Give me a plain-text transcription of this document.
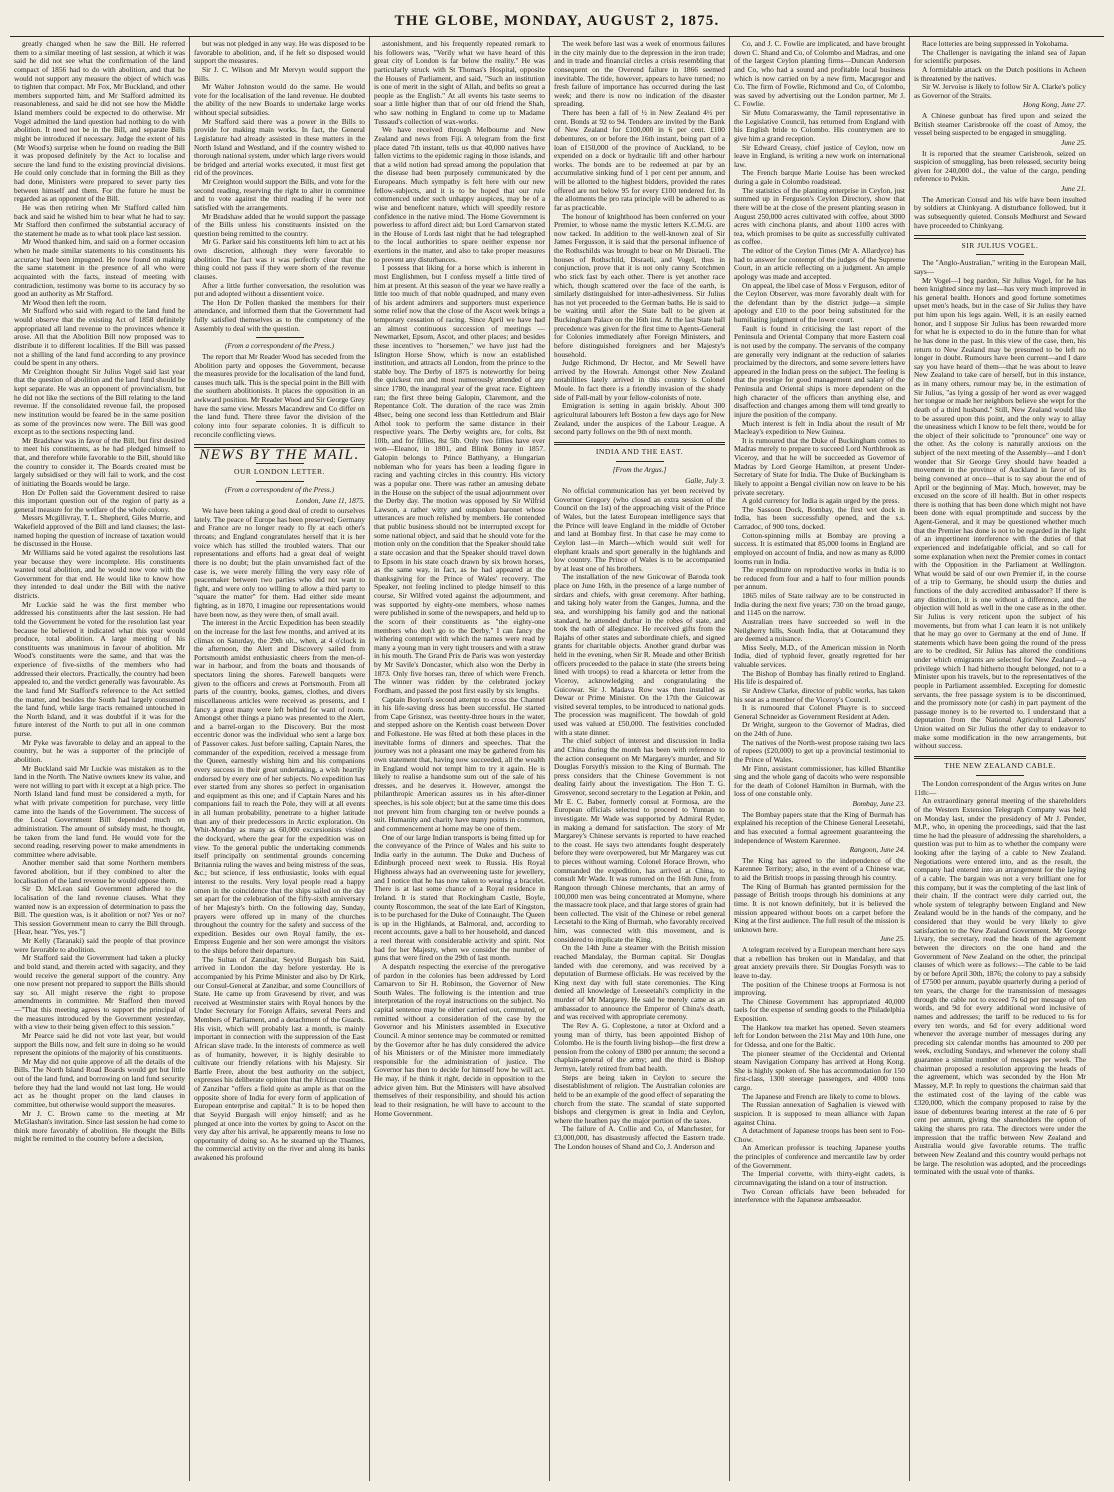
THE GLOBE, MONDAY, AUGUST 2, 1875.

greatly changed when he saw the Bill. He referred them to a similar meeting of last session, at which it was said he did not see what the confirmation of the land compact of 1856 had to do with abolition, and that he would not support any measure the object of which was to tighten that compact. Mr Fox, Mr Buckland, and other members supported him, and Mr Stafford admitted its reasonableness, and said he did not see how the Middle Island members could be expected to do otherwise. Mr Vogel admitted the land question had nothing to do with abolition. It need not be in the Bill, and separate Bills might be introduced if necessary. Judge the extent of his (Mr Wood's) surprise when he found on reading the Bill it was proposed definitely by the Act to localise and secure the land fund to the existing provincial divisions. He could only conclude that in forming the Bill as they had done, Ministers were prepared to sever party ties between himself and them. For the future he must be regarded as an opponent of the Bill.

He was then retiring when Mr Stafford called him back and said he wished him to hear what he had to say. Mr Stafford then confirmed the substantial accuracy of the statement he made as to what took place last session.

Mr Wood thanked him, and said on a former occasion when he made similar statements to his constituents his accuracy had been impugned. He now found on making the same statement in the presence of all who were acquainted with the facts, instead of meeting with contradiction, testimony was borne to its accuracy by so good an authority as Mr Stafford.

Mr Wood then left the room.

Mr Stafford who said with regard to the land fund he would observe that the existing Act of 1858 definitely appropriated all land revenue to the provinces whence it arose. All that the Abolition Bill now proposed was to distribute it to different localities. If the Bill was passed not a shilling of the land fund according to any province could be spent in any others.

Mr Creighton thought Sir Julius Vogel said last year that the question of abolition and the land fund should be kept separate. He was an opponent of provincialism, but he did not like the sections of the Bill relating to the land revenue. If the consolidated revenue fail, the proposed new institution would be feared be in the same position as some of the provinces now were. The Bill was good except as to the sections respecting land.

Mr Bradshaw was in favor of the Bill, but first desired to meet his constituents, as he had pledged himself to that, and therefore while favorable to the Bill, should like the country to consider it. The Boards created must be largely subsidised or they will fail to work, and the cost of initiating the Boards would be large.

Hon Dr Pollen said the Government desired to raise this important question out of the region of party as a general measure for the welfare of the whole colony.

Messrs Mcgillivray, T. L. Shepherd, Giles Murrie, and Wakefield approved of the Bill and land clauses; the last-named hoping the question of increase of taxation would be discussed in the House.

Mr Williams said he voted against the resolutions last year because they were incomplete. His constituents wanted total abolition, and he would now vote with the Government for that end. He would like to know how they intended to deal under the Bill with the native districts.

Mr Luckie said he was the first member who addressed his constituents after the last session. He had told the Government he voted for the resolution last year because he believed it indicated what this year would produce, total abolition. A large meeting of his constituents was unanimous in favour of abolition. Mr Wood's constituents were the same, and that was the experience of five-sixths of the members who had addressed their electors. Practically, the country had been appealed to, and the verdict generally was favourable. As the land fund Mr Stafford's reference to the Act settled the matter, and besides the South had largely consumed the land fund, while large tracts remained untouched in the North Island, and it was doubtful if it was for the future interest of the North to put all in one common purse.

Mr Pyke was favorable to delay and an appeal to the country, but he was a supporter of the principle of abolition.

Mr Buckland said Mr Luckie was mistaken as to the land in the North. The Native owners knew its value, and were not willing to part with it except at a high price. The North Island land fund must be considered a myth, for what with private competition for purchase, very little came into the hands of the Government. The success of the Local Government Bill depended much on administration. The amount of subsidy must, he thought, be taken from the land fund. He would vote for the second reading, reserving power to make amendments in committee where advisable.

Another member said that some Northern members favored abolition, but if they combined to alter the localisation of the land revenue he would oppose them.

Sir D. McLean said Government adhered to the localisation of the land revenue clauses. What they wanted now is an expression of determination to pass the Bill. The question was, is it abolition or not? Yes or no? This session Government mean to carry the Bill through. [Hear, hear. "Yes, yes."]

Mr Kelly (Taranaki) said the people of that province were favorable to abolition.

Mr Stafford said the Government had taken a plucky and bold stand, and therein acted with sagacity, and they would receive the general support of the country. Any one now present not prepared to support the Bills should say so. All might reserve the right to propose amendments in committee. Mr Stafford then moved—"That this meeting agrees to support the principal of the measures introduced by the Government yesterday, with a view to their being given effect to this session."

Mr Pearce said he did not vote last year, but would support the Bills now, and felt sure in doing so he would represent the opinions of the majority of his constituents.

Mr May did not quite approve of all the details of the Bills. The North Island Road Boards would get but little out of the land fund, and borrowing on land fund security before they had the land would not last long. He would act as he thought proper on the land clauses in committee, but otherwise would support the measures.

Mr J. C. Brown came to the meeting at Mr McGlashan's invitation. Since last session he had come to think more favorably of abolition. He thought the Bills might be remitted to the country before a decision,

but was not pledged in any way. He was disposed to be favorable to abolition, and, if he felt so disposed would support the measures.

Sir J. C. Wilson and Mr Mervyn would support the Bills.

Mr Walter Johnston would do the same. He would vote for the localisation of the land revenue. He doubted the ability of the new Boards to undertake large works without special subsidies.

Mr Stafford said there was a power in the Bills to provide for making main works. In fact, the General Legislature had already assisted in these matters in the North Island and Westland, and if the country wished to thorough national system, under which large rivers would be bridged and arterial works executed, it must first get rid of the provinces.

Mr Creighton would support the Bills, and vote for the second reading, reserving the right to alter in committee and to vote against the third reading if he were not satisfied with the arrangements.

Mr Bradshaw added that he would support the passage of the Bills unless his constituents insisted on the question being remitted to the country.

Mr G. Parker said his constituents left him to act at his own discretion, although they were favorable to abolition. The fact was it was perfectly clear that the thing could not pass if they were shorn of the revenue clauses.

After a little further conversation, the resolution was put and adopted without a dissentient voice.

The Hon Dr Pollen thanked the members for their attendance, and informed them that the Government had fully satisfied themselves as to the competency of the Assembly to deal with the question.

(From a correspondent of the Press.)

The report that Mr Reader Wood has seceded from the Abolition party and opposes the Government, because the measures provide for the localisation of the land fund, causes much talk. This is the special point in the Bill with the southern abolitionists. It places the opposition in an awkward position. Mr Reader Wood and Sir George Grey have the same view. Messrs Macandrew and Co differ on the land fund. There three favor the division of the colony into four separate colonies. It is difficult to reconcile conflicting views.

NEWS BY THE MAIL.
OUR LONDON LETTER.
(From a correspondent of the Press.)
London, June 11, 1875.

We have been taking a good deal of credit to ourselves lately. The peace of Europe has been preserved; Germany and France are no longer ready to fly at each other's throats; and England congratulates herself that it is her voice which has stilled the troubled waters. That our representations and efforts had a great deal of weight there is no doubt; but the plain unvarnished fact of the case is, we were merely filling the very easy rôle of peacemaker between two parties who did not want to fight, and were only too willing to allow a third party to "square the matter" for them. Had either side meant fighting, as in 1870, I imagine our representations would have been now, as they were then, of small avail.

The interest in the Arctic Expedition has been steadily on the increase for the last few months, and arrived at its climax on Saturday, the 29th ult., when, at 4 o'clock in the afternoon, the Alert and Discovery sailed from Portsmouth amidst enthusiastic cheers from the men-of-war in harbour, and from the boats and thousands of spectators lining the shores. Farewell banquets were given to the officers and crews at Portsmouth. From all parts of the country, books, games, clothes, and divers miscellaneous articles were received as presents, and I fancy a great many were left behind for want of room. Amongst other things a piano was presented to the Alert, and a barrel-organ to the Discovery. But the most eccentric donor was the individual who sent a large box of Passover cakes. Just before sailing, Captain Nares, the commander of the expedition, received a message from the Queen, earnestly wishing him and his companions every success in their great undertaking, a wish heartily endorsed by every one of her subjects. No expedition has ever started from any shores so perfect in organisation and equipment as this one; and if Captain Nares and his companions fail to reach the Pole, they will at all events in all human probability, penetrate to a higher latitude than any of their predecessors in Arctic exploration. On Whit-Monday as many as 60,000 excursionists visited the dockyard, where the gear for the expedition was on view. To the general public the undertaking commends itself principally on sentimental grounds concerning Britannia ruling the waves and being mistress of the seas, &c.; but science, if less enthusiastic, looks with equal interest to the results. Very loyal people read a happy omen in the coincidence that the ships sailed on the day set apart for the celebration of the fifty-sixth anniversary of her Majesty's birth. On the following day, Sunday, prayers were offered up in many of the churches throughout the country for the safety and success of the expedition. Besides our own Royal family, the ex-Empress Eugenie and her son were amongst the visitors to the ships before their departure.

The Sultan of Zanzibar, Seyyid Burgash bin Said, arrived in London the day before yesterday. He is accompanied by his Prime Minister and also by Dr Kirk, our Consul-General at Zanzibar, and some Councillors of State. He came up from Gravesend by river, and was received at Westminster stairs with Royal honors by the Under Secretary for Foreign Affairs, several Peers and Members of Parliament, and a detachment of the Guards. His visit, which will probably last a month, is mainly important in connection with the suppression of the East African slave trade. In the interests of commerce as well as of humanity, however, it is highly desirable to cultivate our friendly relations with his Majesty. Sir Bartle Frere, about the best authority on the subject, expresses his deliberate opinion that the African coastline of Zanzibar "offers a field quite as ample as that on the opposite shore of India for every form of application of European enterprise and capital." It is to be hoped then that Seyyid Burgash will enjoy himself; and as he plunged at once into the vortex by going to Ascot on the very day after his arrival, he apparently means to lose no opportunity of doing so. As he steamed up the Thames, the commercial activity on the river and along its banks awakened his profound

astonishment, and his frequently repeated remark to his followers was, "Verily what we have heard of this great city of London is far below the reality." He was particularly struck with St Thomas's Hospital, opposite the Houses of Parliament, and said, "Such an institution is one of merit in the sight of Allah, and befits so great a people as the English." At all events his taste seems to soar a little higher than that of our old friend the Shah, who saw nothing in England to come up to Madame Tussaud's collection of wax-works.

We have received through Melbourne and New Zealand and news from Fiji. A telegram from the first place dated 7th instant, tells us that 40,000 natives have fallen victims to the epidemic raging in those islands, and that a wild notion had spread among the population that the disease had been purposely communicated by the Europeans. Much sympathy is felt here with our new fellow-subjects, and it is to be hoped that our rule commenced under such unhappy auspices, may be of a wise and beneficent nature, which will speedily restore confidence in the native mind. The Home Government is powerless to afford direct aid; but Lord Carnarvon stated in the House of Lords last night that he had telegraphed to the local authorities to spare neither expense nor exertions in the matter, and also to take proper measures to prevent any disturbances.

I possess that liking for a horse which is inherent in most Englishmen, but I confess myself a little tired of him at present. At this season of the year we have really a little too much of that noble quadruped, and many even of his ardent admirers and supporters must experience some relief now that the close of the Ascot week brings a temporary cessation of racing. Since April we have had an almost continuous succession of meetings — Newmarket, Epsom, Ascot, and other places; and besides these incentives to "horsemen," we have just had the Islington Horse Show, which is now an established institution, and attracts all London, from the prince to the stable boy. The Derby of 1875 is noteworthy for being the quickest run and most numerously attended of any since 1780, the inaugural year of the great race. Eighteen ran; the first three being Galopin, Claremont, and the Repentance Colt. The duration of the race was 2min 48sec, being one second less than Kettledrum and Blair Athol took to perform the same distance in their respective years. The Derby weights are, for colts, 8st 10lb, and for fillies, 8st 5lb. Only two fillies have ever won—Eleanor, in 1801, and Blink Bonny in 1857. Galopin belongs to Prince Batthyany, a Hungarian nobleman who for years has been a leading figure in racing and yachting circles in this country. His victory was a popular one. There was rather an amusing debate in the House on the subject of the usual adjournment over the Derby day. The motion was opposed by Sir Wilfrid Lawson, a rather witty and outspoken baronet whose utterances are much relished by members. He contended that public business should not be interrupted except for some national object, and said that he should vote for the motion only on the condition that the Speaker should take a state occasion and that the Speaker should travel down to Epsom in his state coach drawn by six brown horses, as the same way, in fact, as he had appeared at the thanksgiving for the Prince of Wales' recovery. The Speaker, not feeling inclined to pledge himself to this course, Sir Wilfred voted against the adjournment, and was supported by eighty-one members, whose names were published in some of the newspapers, and held up to the scorn of their constituents as "the eighty-one members who don't go to the Derby." I can fancy the withering contempt with which the names were read by many a young man in very tight trousers and with a straw in his mouth. The Grand Prix de Paris was won yesterday by Mr Savile's Doncaster, which also won the Derby in 1873. Only five horses ran, three of which were French. The winner was ridden by the celebrated jockey Fordham, and passed the post first easily by six lengths.

Captain Boyton's second attempt to cross the Channel in his life-saving dress has been successful. He started from Cape Grisnez, was twenty-three hours in the water, and stepped ashore on the Kentish coast between Dover and Folkestone. He was fêted at both these places in the inevitable forms of dinners and speeches. That the journey was not a pleasant one may be gathered from his own statement that, having now succeeded, all the wealth in England would not tempt him to try it again. He is likely to realise a handsome sum out of the sale of his dresses, and he deserves it. However, amongst the philanthropic American assures us in his after-dinner speeches, is his sole object; but at the same time this does not prevent him from charging ten or twelve pounds a suit. Humanity and charity have many points in common, and commencement at home may be one of them.

One of our large Indian transports is being fitted up for the conveyance of the Prince of Wales and his suite to India early in the autumn. The Duke and Duchess of Edinburgh proceed next week to Russia. His Royal Highness always had an overweening taste for jewellery, and I notice that he has now taken to wearing a bracelet. There is at last some chance of a Royal residence in Ireland. It is stated that Rockingham Castle, Boyle, county Roscommon, the seat of the late Earl of Kingston, is to be purchased for the Duke of Connaught. The Queen is up in the Highlands, at Balmoral, and, according to recent accounts, gave a ball to her household, and danced a reel thereat with considerable activity and spirit. Not bad for her Majesty, when we consider the number of guns that were fired on the 29th of last month.

A despatch respecting the exercise of the prerogative of pardon in the colonies has been addressed by Lord Carnarvon to Sir H. Robinson, the Governor of New South Wales. The following is the intention and true interpretation of the royal instructions on the subject. No capital sentence may be either carried out, commuted, or remitted without a consideration of the case by the Governor and his Ministers assembled in Executive Council. A minor sentence may be commuted or remitted by the Governor after he has duly considered the advice of his Ministers or of the Minister more immediately responsible for the administration of justice. The Governor has then to decide for himself how he will act. He may, if he think it right, decide in opposition to the advice given him. But the Ministers will have absolved themselves of their responsibility, and should his action lead to their resignation, he will have to account to the Home Government.

The week before last was a week of enormous failures in the city mainly due to the depression in the iron trade; and in trade and financial circles a crisis resembling that consequent on the Overend failure in 1866 seemed inevitable. The tide, however, appears to have turned; no fresh failure of importance has occurred during the last week; and there is now no indication of the disaster spreading.

There has been a fall of ½ in New Zealand 4½ per cent. Bonds at 92 to 94. Tenders are invited by the Bank of New Zealand for £100,000 in 6 per cent. £100 debentures, on or before the 16th instant, being part of a loan of £150,000 of the province of Auckland, to be expended on a dock or hydraulic lift and other harbour works. The bonds are to be redeemed at par by an accumulative sinking fund of 1 per cent per annum, and will be allotted to the highest bidders, provided the rates offered are not below 95 for every £100 tendered for. In the allotments the pro rata principle will be adhered to as far as practicable.

The honour of knighthood has been conferred on your Premier, to whose name the mystic letters K.C.M.G. are now tacked. In addition to the well-known zeal of Sir James Fergusson, it is said that the personal influence of the Rothschilds was brought to bear on Mr Disraeli. The houses of Rothschild, Disraeli, and Vogel, thus in conjunction, prove that it is not only canny Scotchmen who stick fast by each other. There is yet another race which, though scattered over the face of the earth, is similarly distinguished for inter-adhesiveness. Sir Julius has not yet proceeded to the German baths. He is said to be waiting until after the State ball to be given at Buckingham Palace on the 16th inst. At the last State ball precedence was given for the first time to Agents-General for Colonies immediately after Foreign Ministers, and before distinguished foreigners and her Majesty's household.

Judge Richmond, Dr Hector, and Mr Sewell have arrived by the Howrah. Amongst other New Zealand notabilities lately arrived in this country is Colonel Moule. In fact there is a friendly invasion of the shady side of Pall-mall by your fellow-colonists of note.

Emigration is setting in again briskly. About 300 agricultural labourers left Boston a few days ago for New Zealand, under the auspices of the Labour League. A second party follows on the 9th of next month.

INDIA AND THE EAST.
[From the Argus.]
Galle, July 3.

No official communication has yet been received by Governor Gregory (who closed an extra session of the Council on the 1st) of the approaching visit of the Prince of Wales, but the latest European intelligence says that the Prince will leave England in the middle of October and land at Bombay first. In that case he may come to Ceylon last—in March—which would suit well for elephant kraals and sport generally in the highlands and low country. The Prince of Wales is to be accompanied by at least one of his brothers.

The installation of the new Guicowar of Baroda took place on June 16th, in the presence of a large number of sirdars and chiefs, with great ceremony. After bathing, and taking holy water from the Ganges, Jumna, and the sea, and worshipping his family god and the national standard, he attended durbar in the robes of state, and took the oath of allegiance. He received gifts from the Rajahs of other states and subordinate chiefs, and signed grants for charitable objects. Another grand durbar was held in the evening, when Sir R. Meade and other British officers proceeded to the palace in state (the streets being lined with troops) to read a kharceta or letter from the Viceroy, acknowledging and congratulating the Guicowar. Sir J. Madava Row was then installed as Dewar or Prime Minister. On the 17th the Guicowar visited several temples, to be introduced to national gods. The procession was magnificent. The howdah of gold used was valued at £50,000. The festivities concluded with a state dinner.

The chief subject of interest and discussion in India and China during the month has been with reference to the action consequent on Mr Margarey's murder, and Sir Douglas Forsyth's mission to the King of Burmah. The press considers that the Chinese Government is not dealing fairly about the investigation. The Hon T. G. Grosvenor, second secretary to the Legation at Pekin, and Mr E. C. Baber, formerly consul at Formosa, are the European officials selected to proceed to Yunnan to investigate. Mr Wade was supported by Admiral Ryder, in making a demand for satisfaction. The story of Mr Margarey's Chinese servants is reported to have reached to the coast. He says two attendants fought desperately before they were overpowered, but Mr Margarey was cut to pieces without warning. Colonel Horace Brown, who commanded the expedition, has arrived at China, to consult Mr Wade. It was rumored on the 16th June, from Rangoon through Chinese merchants, that an army of 100,000 men was being concentrated at Momyne, where the massacre took place, and that large stores of grain had been collected. The visit of the Chinese or rebel general Lecsetahi to the King of Burmah, who favorably received him, was connected with this movement, and is considered to implicate the King.

On the 14th June a steamer with the British mission reached Mandalay, the Burman capital. Sir Douglas landed with due ceremony, and was received by a deputation of Burmese officials. He was received by the King next day with full state ceremonies. The King denied all knowledge of Leeseetahi's complicity in the murder of Mr Margarey. He said he merely came as an ambassador to announce the Emperor of China's death, and was received with appropriate ceremony.

The Rev A. G. Coplestone, a tutor at Oxford and a young man of thirty, has been appointed Bishop of Colombo. He is the fourth living bishop—the first drew a pension from the colony of £880 per annum; the second a chaplain-general of the army; and the third is Bishop Jermyn, lately retired from bad health.

Steps are being taken in Ceylon to secure the disestablishment of religion. The Australian colonies are held to be an example of the good effect of separating the church from the state. The scandal of state supported bishops and clergymen is great in India and Ceylon, where the heathen pay the major portion of the taxes.

The failure of A. Collie and Co, of Manchester, for £3,000,000, has disastrously affected the Eastern trade. The London houses of Shand and Co, J. Anderson and

Co, and J. C. Fowlie are implicated, and have brought down C. Shand and Co, of Colombo and Madras, and one of the largest Ceylon planting firms—Duncan Anderson and Co, who had a sound and profitable local business which is now carried on by a new firm, Macgregor and Co. The firm of Fowlie, Richmond and Co, of Colombo, was saved by advertising out the London partner, Mr J. C. Fowlie.

Sir Mutu Comaraswamy, the Tamil representative in the Legislative Council, has returned from England with his English bride to Colombo. His countrymen are to give him a grand reception.

Sir Edward Creasy, chief justice of Ceylon, now on leave in England, is writing a new work on international law.

The French barque Marie Louise has been wrecked during a gale in Colombo roadstead.

The statistics of the planting enterprise in Ceylon, just summed up in Ferguson's Ceylon Directory, show that there will be at the close of the present planting season in August 250,000 acres cultivated with coffee, about 3000 acres with cinchona plants, and about 1100 acres with tea, which promises to be quite as successfully cultivated as coffee.

The editor of the Ceylon Times (Mr A. Allardyce) has had to answer for contempt of the judges of the Supreme Court, in an article reflecting on a judgment. An ample apology was made and accepted.

On appeal, the libel case of Moss v Ferguson, editor of the Ceylon Observer, was more favorably dealt with for the defendant than by the district judge—a simple apology and £10 to the poor being substituted for the humiliating judgment of the lower court.

Fault is found in criticising the last report of the Peninsula and Oriental Company that more Eastern coal is not used by the company. The servants of the company are generally very indignant at the reduction of salaries proclaimed by the directors, and some severe letters have appeared in the Indian press on the subject. The feeling is that the prestige for good management and salary of the Peninsula and Oriental ships is more dependent on the high character of the officers than anything else, and disaffection and changes among them will tend greatly to injure the position of the company.

Much interest is felt in India about the result of Mr Macleay's expedition to New Guinea.

It is rumoured that the Duke of Buckingham comes to Madras merely to prepare to succeed Lord Northbrook as Viceroy, and that he will be succeeded as Governor of Madras by Lord George Hamilton, at present Under-Secretary of State for India. The Duke of Buckingham is likely to appoint a Bengal civilian now on leave to be his private secretary.

A gold currency for India is again urged by the press.

The Sassoon Dock, Bombay, the first wet dock in India, has been successfully opened, and the s.s. Carradoc, of 900 tons, docked.

Cotton-spinning mills at Bombay are proving a success. It is estimated that 85,000 looms in England are employed on account of India, and now as many as 8,000 looms run in India.

The expenditure on reproductive works in India is to be reduced from four and a half to four million pounds per annum.

1865 miles of State railway are to be constructed in India during the next five years; 730 on the broad gauge, and 1145 on the narrow.

Australian trees have succeeded so well in the Neilgherry hills, South India, that at Ootacamund they are deemed a nuisance.

Miss Seely, M.D., of the American mission in North India, died of typhoid fever, greatly regretted for her valuable services.

The Bishop of Bombay has finally retired to England. His life is despaired of.

Sir Andrew Clarke, director of public works, has taken his seat as a member of the Viceroy's Council.

It is rumoured that Colonel Phayre is to succeed General Schneider as Government Resident at Aden.

Dr Wright, surgeon to the Governor of Madras, died on the 24th of June.

The natives of the North-west propose raising two lacs of rupees (£20,000) to get up a provincial testimonial to the Prince of Wales.

Mr Finn, assistant commissioner, has killed Bhantike sing and the whole gang of dacoits who were responsible for the death of Colonel Hamilton in Burmah, with the loss of one constable only.

Bombay, June 23.

The Bombay papers state that the King of Burmah has explained his reception of the Chinese General Leesetahi, and has executed a formal agreement guaranteeing the independence of Western Karennee.

Rangoon, June 24.

The King has agreed to the independence of the Karennee Territory; also, in the event of a Chinese war, to aid the British troops in passing through his country.

The King of Burmah has granted permission for the passage of British troops through his dominions at any time. It is not known definitely, but it is believed the mission appeared without boots on a carpet before the King at the first audience. The full result of the mission is unknown here.

June 25.

A telegram received by a European merchant here says that a rebellion has broken out in Mandalay, and that great anxiety prevails there. Sir Douglas Forsyth was to leave to-day.

The position of the Chinese troops at Formosa is not improving.

The Chinese Government has appropriated 40,000 taels for the expense of sending goods to the Philadelphia Exposition.

The Hankow tea market has opened. Seven steamers left for London between the 21st May and 10th June, one for Odessa, and one for the Baltic.

The pioneer steamer of the Occidental and Oriental steam Navigation Company has arrived at Hong Kong. She is highly spoken of. She has accommodation for 150 first-class, 1300 steerage passengers, and 4000 tons cargo.

The Japanese and French are likely to come to blows.

The Russian annexation of Saghalien is viewed with suspicion. It is supposed to mean alliance with Japan against China.

A detachment of Japanese troops has been sent to Foo-Chow.

An American professor is teaching Japanese youths the principles of conference and mercantile law by order of the Government.

The Imperial corvette, with thirty-eight cadets, is circumnavigating the island on a tour of instruction.

Two Corean officials have been beheaded for interference with the Japanese ambassador.

Race lotteries are being suppressed in Yokohama.

The Challenger is navigating the inland sea of Japan for scientific purposes.

A formidable attack on the Dutch positions in Acheen is threatened by the natives.

Sir W. Jervoise is likely to follow Sir A. Clarke's policy as Governor of the Straits.

Hong Kong, June 27.

A Chinese gunboat has fired upon and seized the British steamer Carisbrooke off the coast of Amoy, the vessel being suspected to be engaged in smuggling.

June 25.

It is reported that the steamer Carisbrook, seized on suspicion of smuggling, has been released, security being given for 240,000 dol., the value of the cargo, pending reference to Pekin.

June 21.

The American Consul and his wife have been insulted by soldiers at Chinkyang. A disturbance followed, but it was subsequently quieted. Consuls Medhurst and Seward have proceeded to Chinkyang.

SIR JULIUS VOGEL.

The "Anglo-Australian," writing in the European Mail, says—

Mr Vogel—I beg pardon, Sir Julius Vogel, for he has been knighted since my last—has very much improved in his general health. Honors and good fortune sometimes upset men's heads, but in the case of Sir Julius they have put him upon his legs again. Well, it is an easily earned honor, and I suppose Sir Julius has been rewarded more for what he is expected to do in the future than for what he has done in the past. In this view of the case, then, his return to New Zealand may be presumed to be left no longer in doubt. Rumours have been current—and I dare say you have heard of them—that he was about to leave New Zealand to take care of herself, but in this instance, as in many others, rumour may be, in the estimation of Sir Julius, "as lying a gossip of her word as ever wagged her tongue or made her neighbors believe she wept for the death of a third husband." Still, New Zealand would like to be assured upon this point, and the only way to allay the uneasiness which I know to be felt there, would be for the object of their solicitude to "pronounce" one way or the other. As the colony is naturally anxious on the subject of the next meeting of the Assembly—and I don't wonder that Sir George Grey should have headed a movement in the province of Auckland in favor of its being convened at once—that is to say about the end of April or the beginning of May. Much, however, may be excused on the score of ill health. But in other respects there is nothing that has been done which might not have been done with equal promptitude and success by the Agent-General, and it may be questioned whether much that the Premier has done is not to be regarded in the light of an impertinent interference with the duties of that experienced and indefatigable official, and so call for some explanation when next the Premier comes in contact with the Opposition in the Parliament at Wellington. What would be said of our own Premier if, in the course of a trip to Germany, he should usurp the duties and functions of the duly accredited ambassador? If there is any distinction, it is one without a difference, and the objection will hold as well in the one case as in the other. Sir Julius is very reticent upon the subject of his movements, but from what I can learn it is not unlikely that he may go over to Germany at the end of June. If statements which have been going the round of the press are to be credited, Sir Julius has altered the conditions under which emigrants are selected for New Zealand—a privilege which I had hitherto thought belonged, not to a Minister upon his travels, but to the representatives of the people in Parliament assembled. Excepting for domestic servants, the free passage system is to be discontinued, and the promissory note (or cash) in part payment of the passage money is to be reverted to. I understand that a deputation from the National Agricultural Laborers' Union waited on Sir Julius the other day to endeavor to make some modification in the new arrangements, but without success.

THE NEW ZEALAND CABLE.

The London correspondent of the Argus writes on June 11th:—

An extraordinary general meeting of the shareholders of the Western Extension Telegraph Company was held on Monday last, under the presidency of Mr J. Pender, M.P., who, in opening the proceedings, said that the last time he had the pleasure of addressing the shareholders, a question was put to him as to whether the company were looking after the laying of a cable to New Zealand. Negotiations were entered into, and as the result, the company had entered into an arrangement for the laying of a cable. The bargain was not a very brilliant one for this company, but it was the completing of the last link of their chain. If the contract were duly carried out, the whole system of telegraphy between England and New Zealand would be in the hands of the company, and he considered that they would be very likely to give satisfaction to the New Zealand Government. Mr George Livary, the secretary, read the heads of the agreement between the directors on the one hand and the Government of New Zealand on the other, the principal clauses of which were as follows:—The cable to be laid by or before April 30th, 1876; the colony to pay a subsidy of £7500 per annum, payable quarterly during a period of ten years, the charge for the transmission of messages through the cable not to exceed 7s 6d per message of ten words, and 9d for every additional word inclusive of names and addresses; the tariff to be reduced to 6s for every ten words, and 6d for every additional word whenever the average number of messages during any preceding six calendar months has amounted to 200 per week, excluding Sundays, and whenever the colony shall guarantee a similar number of messages per week. The chairman proposed a resolution approving the heads of the agreement, which was seconded by the Hon Mr Massey, M.P. In reply to questions the chairman said that the estimated cost of the laying of the cable was £320,000, which the company proposed to raise by the issue of debentures bearing interest at the rate of 6 per cent per annum, giving the shareholders the option of taking the shares pro rata. The directors were under the impression that the traffic between New Zealand and Australia would give favorable returns. The traffic between New Zealand and this country would perhaps not be large. The resolution was adopted, and the proceedings terminated with the usual vote of thanks.
